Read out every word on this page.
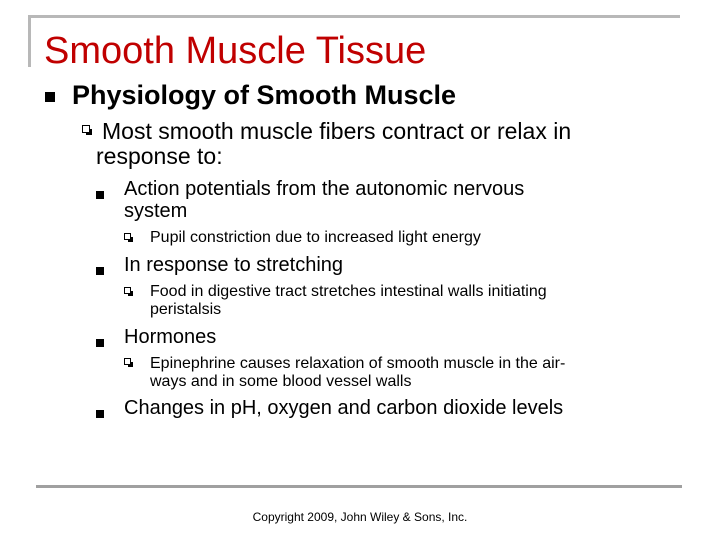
Smooth Muscle Tissue
Physiology of Smooth Muscle
Most smooth muscle fibers contract or relax in
response to:
Action potentials from the autonomic nervous
system
Pupil constriction due to increased light energy
In response to stretching
Food in digestive tract stretches intestinal walls initiating
peristalsis
Hormones
Epinephrine causes relaxation of smooth muscle in the air-
ways and in some blood vessel walls
Changes in pH, oxygen and carbon dioxide levels
Copyright 2009, John Wiley & Sons, Inc.
